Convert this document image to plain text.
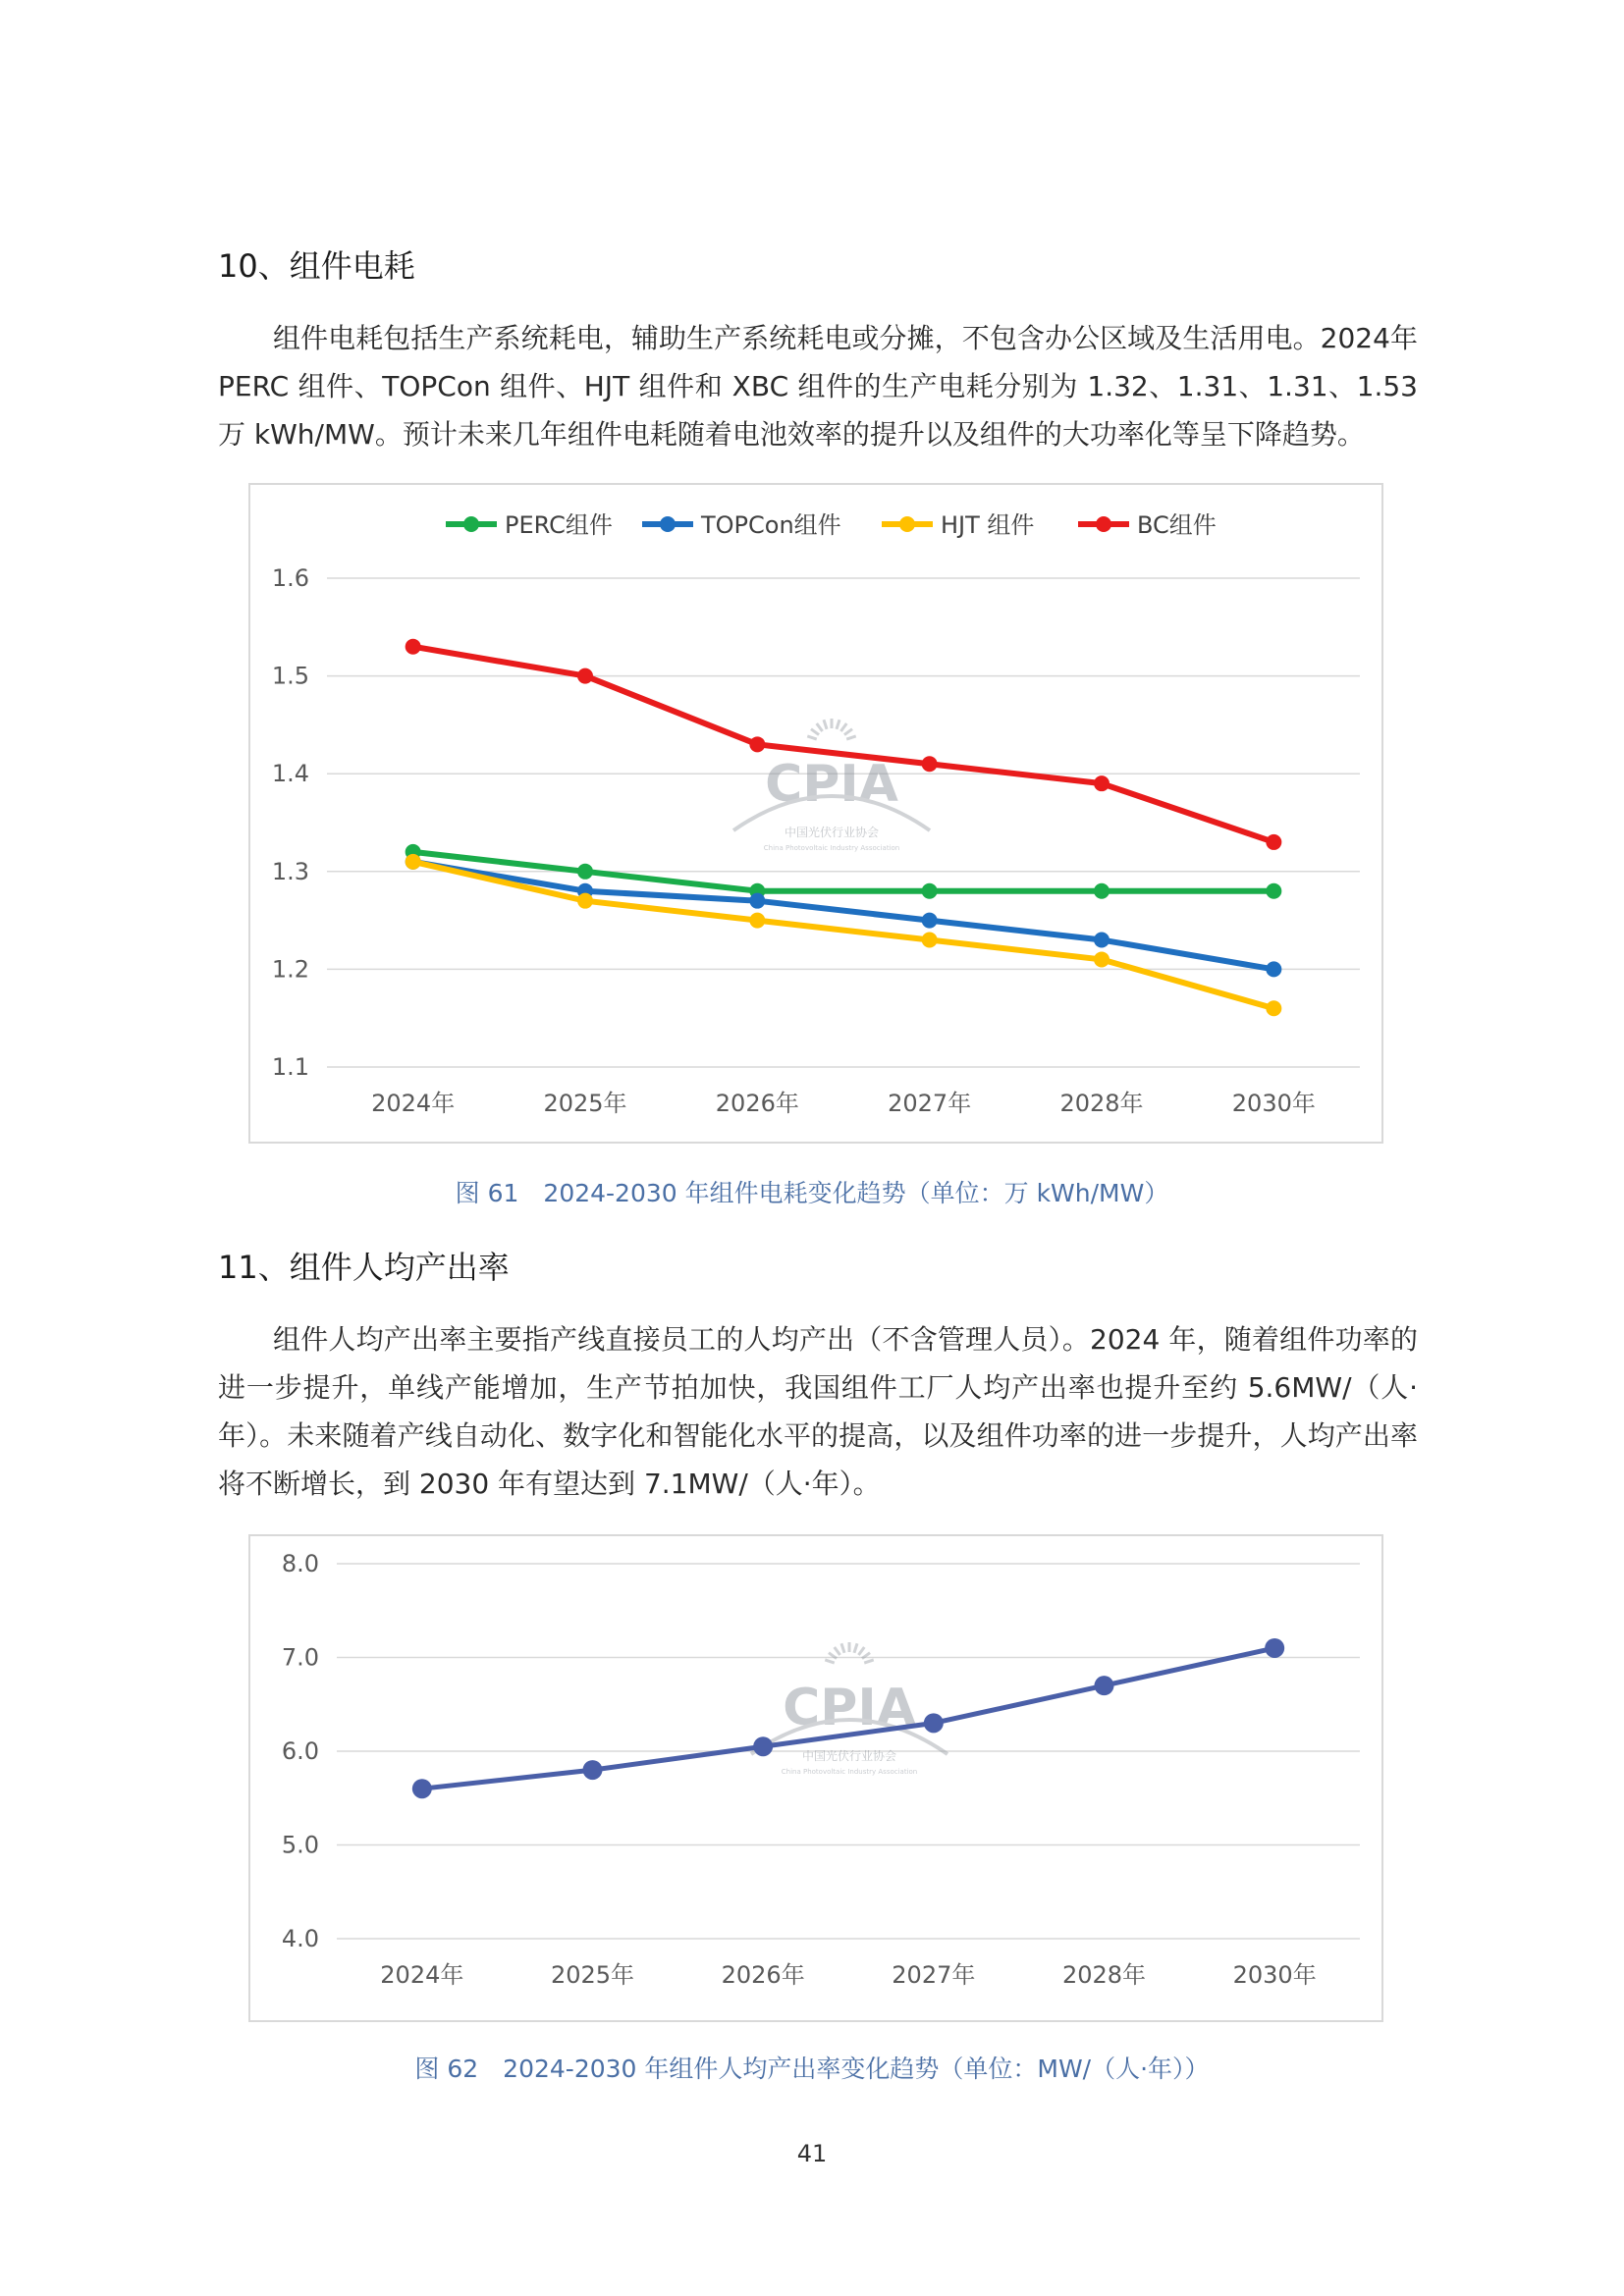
10、组件电耗

组件电耗包括生产系统耗电，辅助生产系统耗电或分摊，不包含办公区域及生活用电。2024年 PERC 组件、TOPCon 组件、HJT 组件和 XBC 组件的生产电耗分别为 1.32、1.31、1.31、1.53 万 kWh/MW。预计未来几年组件电耗随着电池效率的提升以及组件的大功率化等呈下降趋势。

1.1
1.2
1.3
1.4
1.5
1.6
2024年	2025年	2026年	2027年	2028年	2030年
CPIA
中国光伏行业协会
China Photovoltaic Industry Association
PERC组件	TOPCon组件	HJT 组件	BC组件
图 61　2024-2030 年组件电耗变化趋势（单位：万 kWh/MW）
11、组件人均产出率

组件人均产出率主要指产线直接员工的人均产出（不含管理人员）。2024 年，随着组件功率的进一步提升，单线产能增加，生产节拍加快，我国组件工厂人均产出率也提升至约 5.6MW/（人·年）。未来随着产线自动化、数字化和智能化水平的提高，以及组件功率的进一步提升，人均产出率将不断增长，到 2030 年有望达到 7.1MW/（人·年）。

4.0
5.0
6.0
7.0
8.0
2024年	2025年	2026年	2027年	2028年	2030年
CPIA
中国光伏行业协会
China Photovoltaic Industry Association
图 62　2024-2030 年组件人均产出率变化趋势（单位：MW/（人·年））
41
